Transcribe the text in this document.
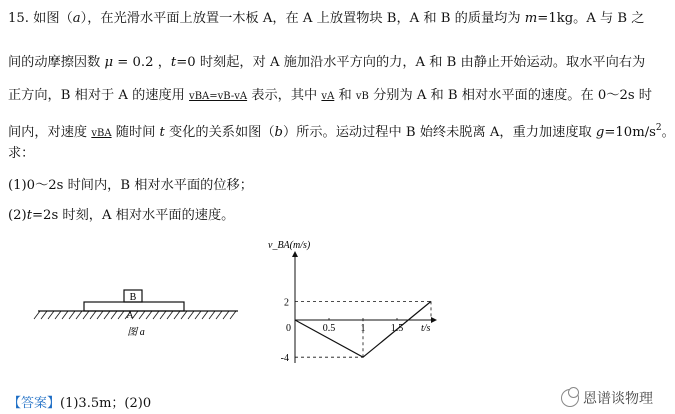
15. 如图（a），在光滑水平面上放置一木板 A，在 A 上放置物块 B，A 和 B 的质量均为 m=1kg。A 与 B 之
间的动摩擦因数 μ = 0.2 ，t=0 时刻起，对 A 施加沿水平方向的力，A 和 B 由静止开始运动。取水平向右为
正方向，B 相对于 A 的速度用 vBA=vB-vA 表示，其中 vA 和 vB 分别为 A 和 B 相对水平面的速度。在 0～2s 时
间内，对速度 vBA 随时间 t 变化的关系如图（b）所示。运动过程中 B 始终未脱离 A，重力加速度取 $g=10m/s^2$。
求：
(1)0～2s 时间内，B 相对水平面的位移；
(2)t=2s 时刻，A 相对水平面的速度。
B
A
图 a
v_BA(m/s)
t/s
0	0.5	1	1.5
2
-4
【答案】(1)3.5m；(2)0	恩谱谈物理
